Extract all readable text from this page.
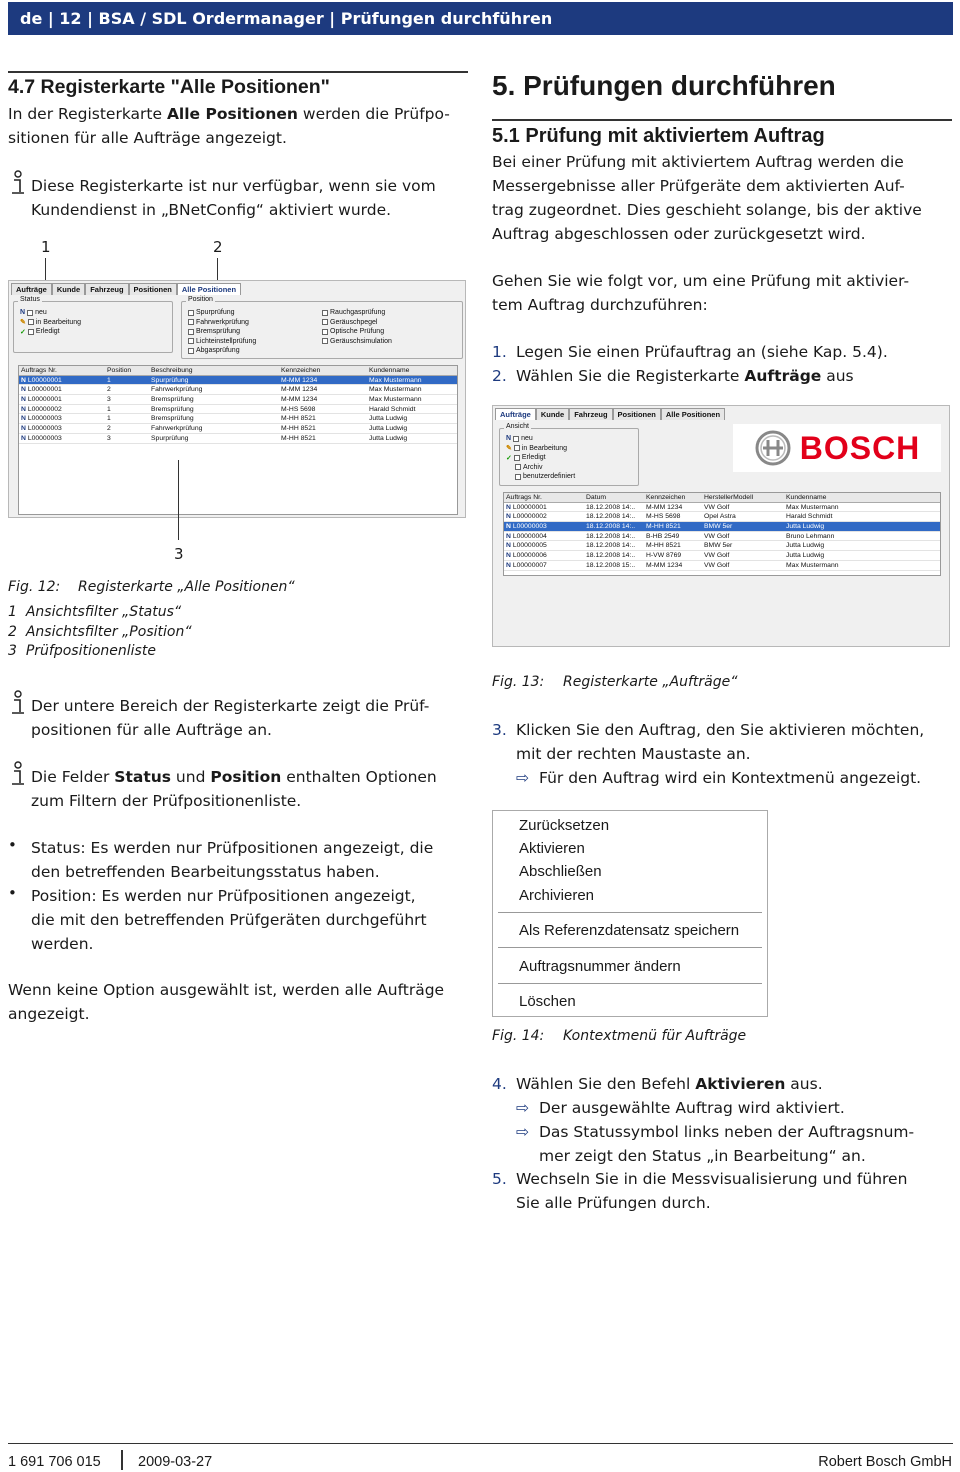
de | 12 | BSA / SDL Ordermanager | Prüfungen durchführen
4.7 Registerkarte "Alle Positionen"

In der Registerkarte Alle Positionen werden die Prüfpo-

sitionen für alle Aufträge angezeigt.

Diese Registerkarte ist nur verfügbar, wenn sie vom

Kundendienst in „BNetConfig“ aktiviert wurde.

1	2
Aufträge	Kunde	Fahrzeug	Positionen	Alle Positionen
Status
N neu
✎ in Bearbeitung
✓ Erledigt
Position
Spurprüfung
Fahrwerkprüfung
Bremsprüfung
Lichteinstellprüfung
Abgasprüfung
Rauchgasprüfung
Geräuschpegel
Optische Prüfung
Geräuschsimulation
Auftrags Nr.	Position	Beschreibung	Kennzeichen	Kundenname
N L00000001	1	Spurprüfung	M-MM 1234	Max Mustermann
N L00000001	2	Fahrwerkprüfung	M-MM 1234	Max Mustermann
N L00000001	3	Bremsprüfung	M-MM 1234	Max Mustermann
N L00000002	1	Bremsprüfung	M-HS 5698	Harald Schmidt
N L00000003	1	Bremsprüfung	M-HH 8521	Jutta Ludwig
N L00000003	2	Fahrwerkprüfung	M-HH 8521	Jutta Ludwig
N L00000003	3	Spurprüfung	M-HH 8521	Jutta Ludwig
3
Fig. 12: Registerkarte „Alle Positionen“
1 Ansichtsfilter „Status“
2 Ansichtsfilter „Position“
3 Prüfpositionenliste

Der untere Bereich der Registerkarte zeigt die Prüf-

positionen für alle Aufträge an.

Die Felder Status und Position enthalten Optionen

zum Filtern der Prüfpositionenliste.

• Status: Es werden nur Prüfpositionen angezeigt, die

den betreffenden Bearbeitungsstatus haben.

• Position: Es werden nur Prüfpositionen angezeigt,

die mit den betreffenden Prüfgeräten durchgeführt

werden.

Wenn keine Option ausgewählt ist, werden alle Aufträge

angezeigt.

5. Prüfungen durchführen
5.1 Prüfung mit aktiviertem Auftrag

Bei einer Prüfung mit aktiviertem Auftrag werden die

Messergebnisse aller Prüfgeräte dem aktivierten Auf-

trag zugeordnet. Dies geschieht solange, bis der aktive

Auftrag abgeschlossen oder zurückgesetzt wird.

Gehen Sie wie folgt vor, um eine Prüfung mit aktivier-

tem Auftrag durchzuführen:

1. Legen Sie einen Prüfauftrag an (siehe Kap. 5.4).
2. Wählen Sie die Registerkarte Aufträge aus
Aufträge	Kunde	Fahrzeug	Positionen	Alle Positionen
Ansicht
N neu
✎ in Bearbeitung
✓ Erledigt
Archiv
benutzerdefiniert
BOSCH
Auftrags Nr.	Datum	Kennzeichen	HerstellerModell	Kundenname
N L00000001	18.12.2008 14:..	M-MM 1234	VW Golf	Max Mustermann
N L00000002	18.12.2008 14:..	M-HS 5698	Opel Astra	Harald Schmidt
N L00000003	18.12.2008 14:..	M-HH 8521	BMW 5er	Jutta Ludwig
N L00000004	18.12.2008 14:..	B-HB 2549	VW Golf	Bruno Lehmann
N L00000005	18.12.2008 14:..	M-HH 8521	BMW 5er	Jutta Ludwig
N L00000006	18.12.2008 14:..	H-VW 8769	VW Golf	Jutta Ludwig
N L00000007	18.12.2008 15:..	M-MM 1234	VW Golf	Max Mustermann
Fig. 13: Registerkarte „Aufträge“
3. Klicken Sie den Auftrag, den Sie aktivieren möchten,
mit der rechten Maustaste an.
⇨ Für den Auftrag wird ein Kontextmenü angezeigt.
Zurücksetzen
Aktivieren
Abschließen
Archivieren
Als Referenzdatensatz speichern
Auftragsnummer ändern
Löschen
Fig. 14: Kontextmenü für Aufträge
4. Wählen Sie den Befehl Aktivieren aus.
⇨ Der ausgewählte Auftrag wird aktiviert.
⇨ Das Statussymbol links neben der Auftragsnum-
mer zeigt den Status „in Bearbeitung“ an.
5. Wechseln Sie in die Messvisualisierung und führen
Sie alle Prüfungen durch.
1 691 706 015	2009-03-27	Robert Bosch GmbH
